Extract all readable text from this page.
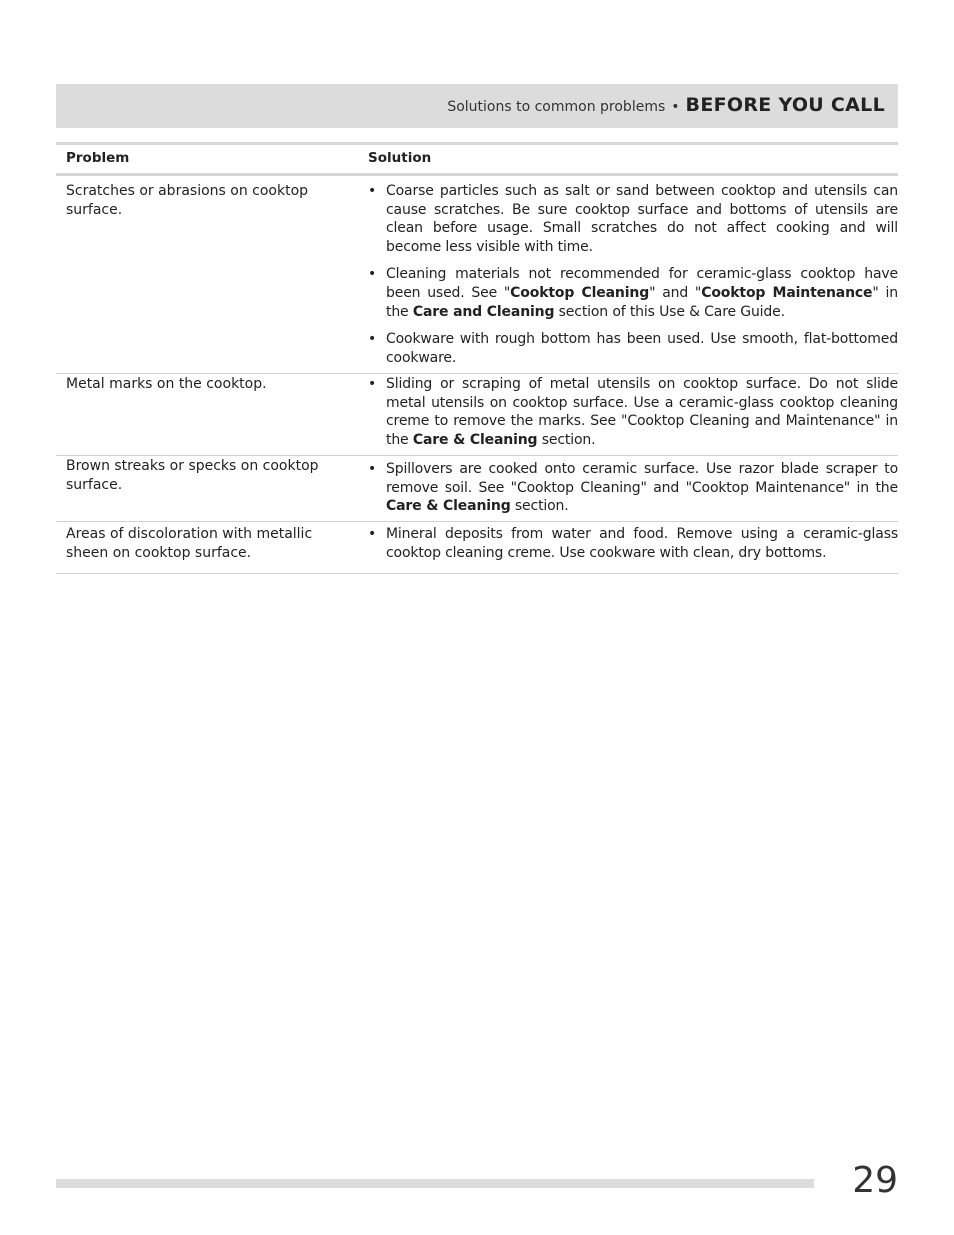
Solutions to common problems • BEFORE YOU CALL
Problem	Solution
Scratches or abrasions on cooktop surface.
• Coarse particles such as salt or sand between cooktop and utensils can cause scratches. Be sure cooktop surface and bottoms of utensils are clean before usage. Small scratches do not affect cooking and will become less visible with time.
• Cleaning materials not recommended for ceramic-glass cooktop have been used. See "Cooktop Cleaning" and "Cooktop Maintenance" in the Care and Cleaning section of this Use & Care Guide.
• Cookware with rough bottom has been used. Use smooth, flat-bottomed cookware.
Metal marks on the cooktop.	• Sliding or scraping of metal utensils on cooktop surface. Do not slide metal utensils on cooktop surface. Use a ceramic-glass cooktop cleaning creme to remove the marks. See "Cooktop Cleaning and Maintenance" in the Care & Cleaning section.
Brown streaks or specks on cooktop surface.
• Spillovers are cooked onto ceramic surface. Use razor blade scraper to remove soil. See "Cooktop Cleaning" and "Cooktop Maintenance" in the Care & Cleaning section.
Areas of discoloration with metallic sheen on cooktop surface.
• Mineral deposits from water and food. Remove using a ceramic-glass cooktop cleaning creme. Use cookware with clean, dry bottoms.
29
